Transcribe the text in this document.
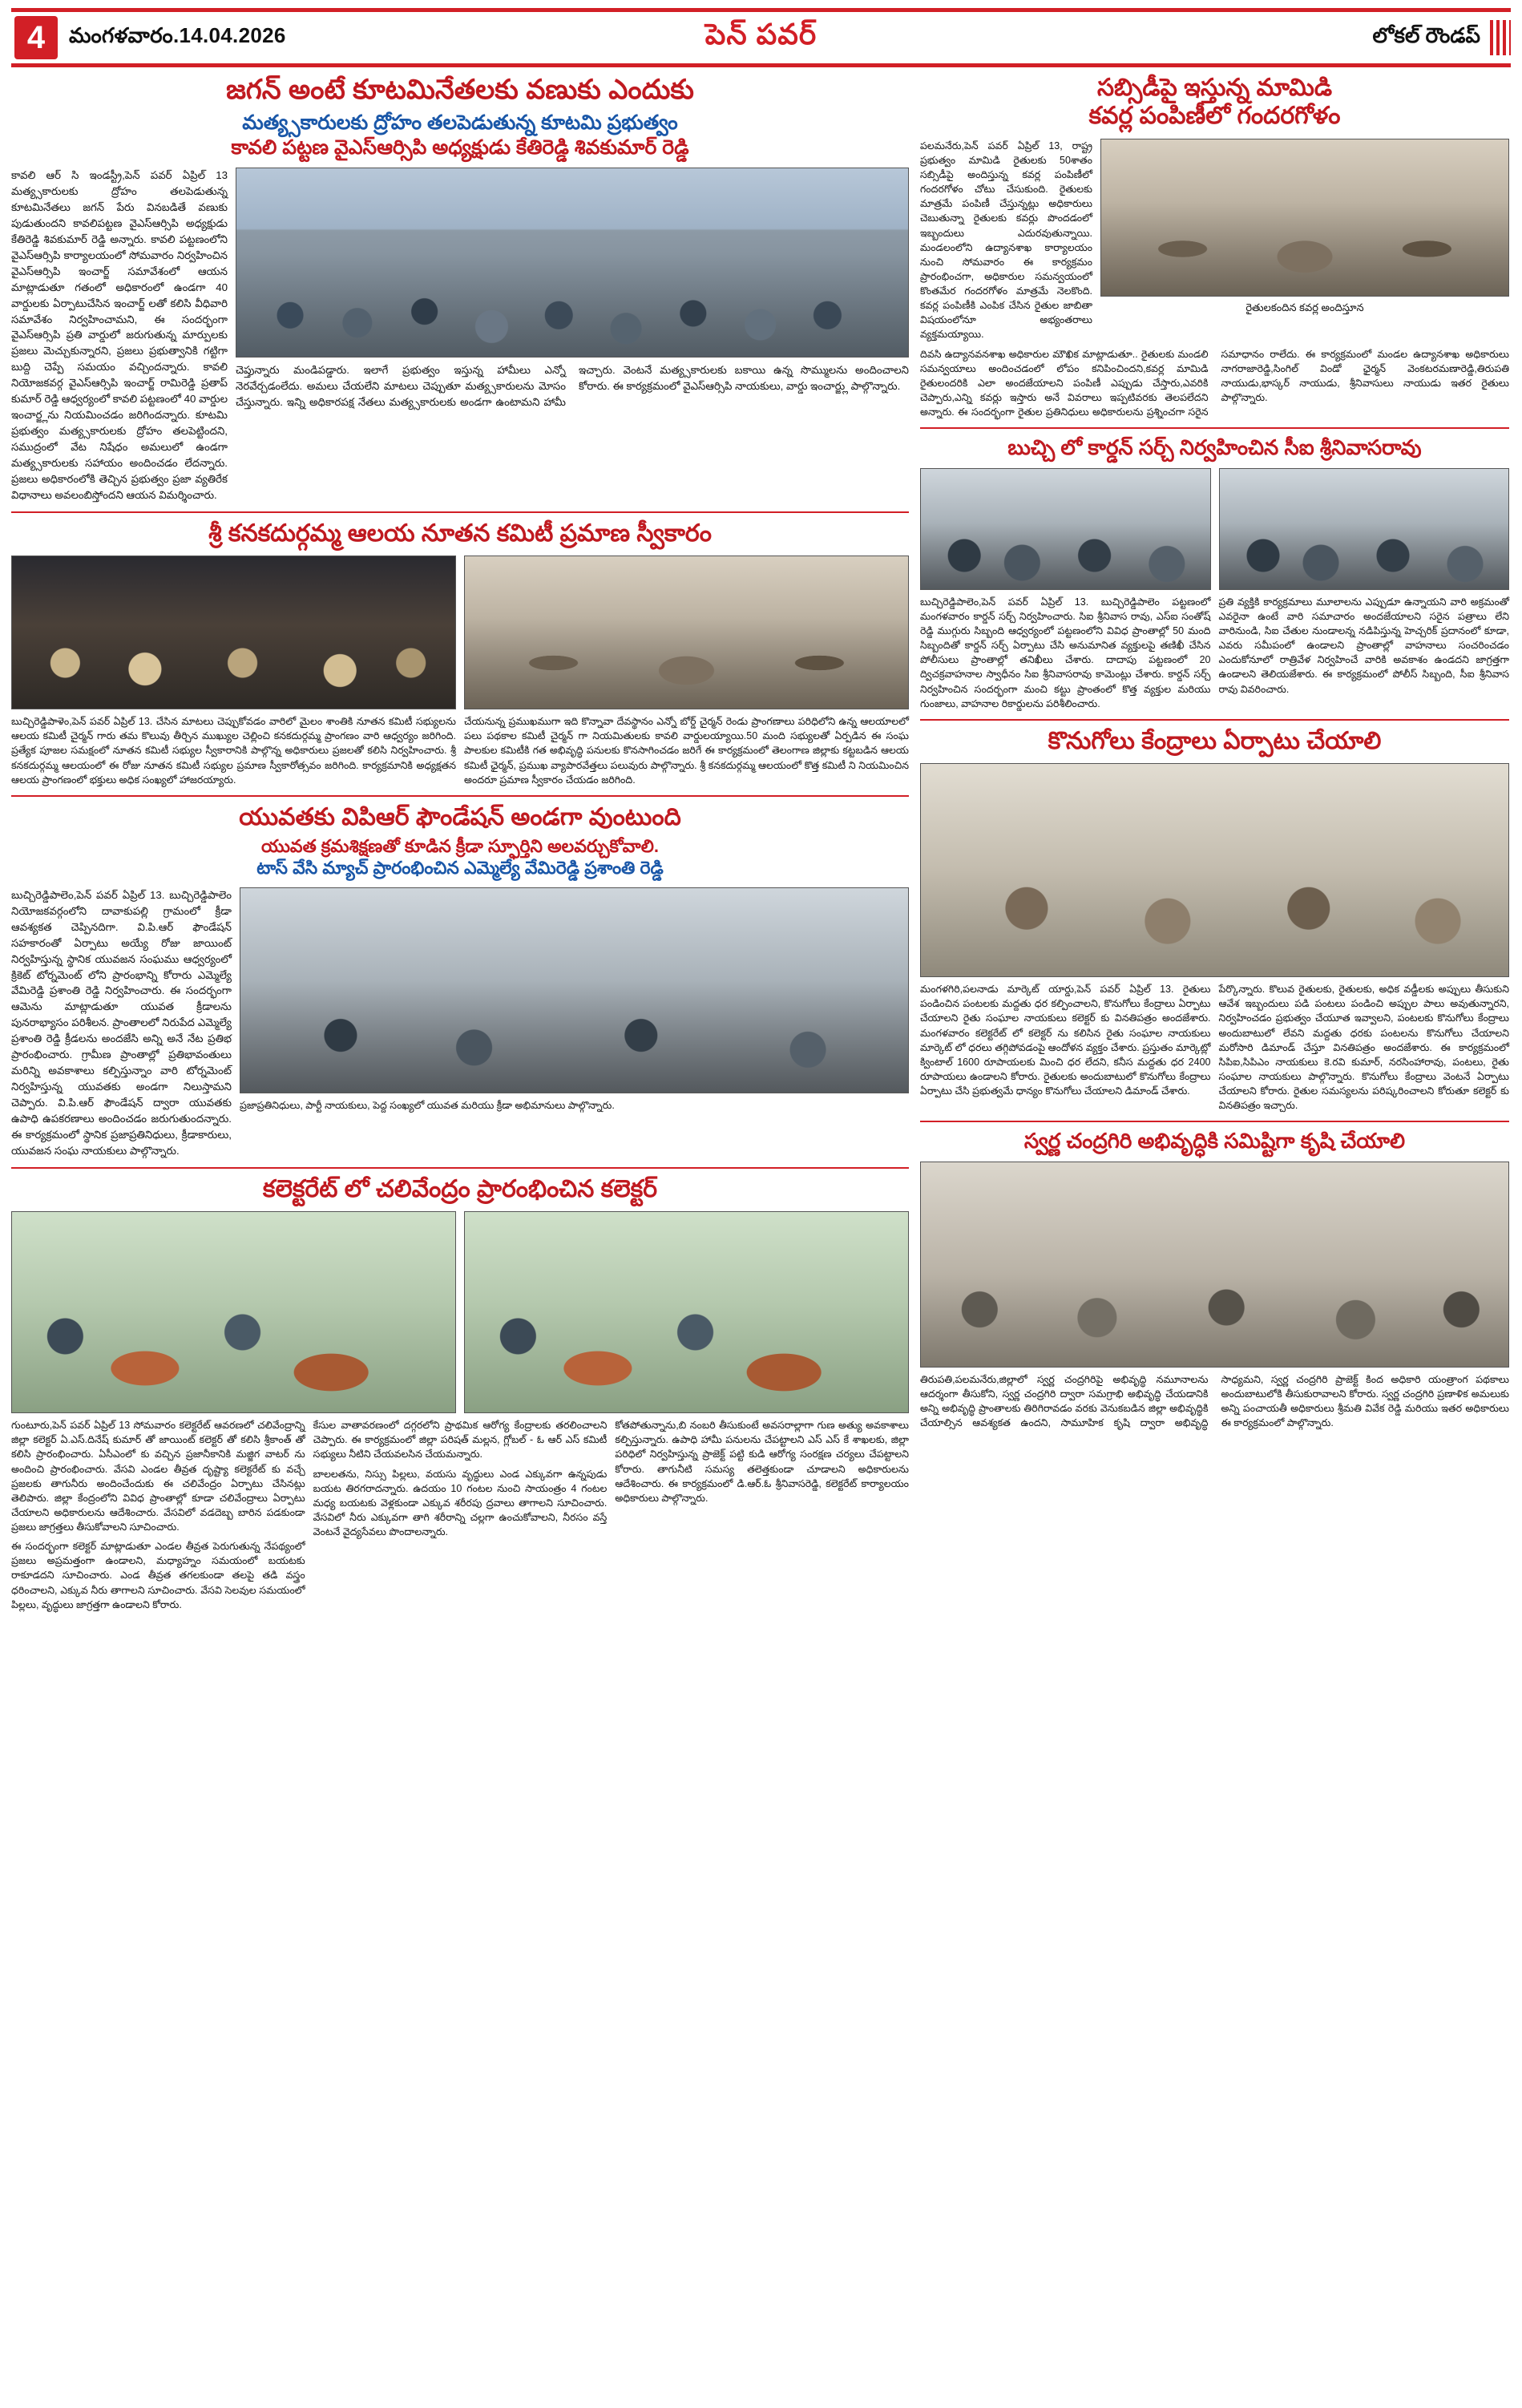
4	మంగళవారం.14.04.2026	పెన్ పవర్	లోకల్ రౌండప్
జగన్ అంటే కూటమినేతలకు వణుకు ఎందుకు
మత్య్సకారులకు ద్రోహం తలపెడుతున్న కూటమి ప్రభుత్వం
కావలి పట్టణ వైఎస్ఆర్సిపి అధ్యక్షుడు కేతిరెడ్డి శివకుమార్ రెడ్డి
కావలి ఆర్ సి ఇండస్ట్రీ,పెన్ పవర్ ఏప్రిల్ 13 మత్య్సకారులకు ద్రోహం తలపెడుతున్న కూటమినేతలు జగన్ పేరు వినబడితే వణుకు పుడుతుందని కావలిపట్టణ వైఎస్ఆర్సిపి అధ్యక్షుడు కేతిరెడ్డి శివకుమార్ రెడ్డి అన్నారు. కావలి పట్టణంలోని వైఎస్ఆర్సిపి కార్యాలయంలో సోమవారం నిర్వహించిన వైఎస్ఆర్సిపి ఇంచార్జ్ సమావేశంలో ఆయన మాట్లాడుతూ గతంలో అధికారంలో ఉండగా 40 వార్డులకు ఏర్పాటుచేసిన ఇంచార్జ్ లతో కలిసి వీధివారి సమావేశం నిర్వహించామని, ఈ సందర్భంగా వైఎస్ఆర్సిపి ప్రతి వార్డులో జరుగుతున్న మార్పులకు ప్రజలు మెచ్చుకున్నారని, ప్రజలు ప్రభుత్వానికి గట్టిగా బుద్ది చెప్పే సమయం వచ్చిందన్నారు. కావలి నియోజకవర్గ వైఎస్ఆర్సిపి ఇంచార్జ్ రామిరెడ్డి ప్రతాప్ కుమార్ రెడ్డి ఆధ్వర్యంలో కావలి పట్టణంలో 40 వార్డుల ఇంచార్జ్లను నియమించడం జరిగిందన్నారు. కూటమి ప్రభుత్వం మత్య్సకారులకు ద్రోహం తలపెట్టిందని, సముద్రంలో వేట నిషేధం అమలులో ఉండగా మత్య్సకారులకు సహాయం అందించడం లేదన్నారు. ప్రజలు అధికారంలోకి తెచ్చిన ప్రభుత్వం ప్రజా వ్యతిరేక విధానాలు అవలంబిస్తోందని ఆయన విమర్శించారు.
చెప్తున్నారు మండిపడ్డారు. ఇలాగే ప్రభుత్వం ఇస్తున్న హామీలు ఎన్నో నెరవేర్చడంలేదు. అమలు చేయలేని మాటలు చెప్పుతూ మత్య్సకారులను మోసం చేస్తున్నారు. ఇన్ని అధికారపక్ష నేతలు మత్య్సకారులకు అండగా ఉంటామని హామీ ఇచ్చారు. వెంటనే మత్య్సకారులకు బకాయి ఉన్న సొమ్ములను అందించాలని కోరారు. ఈ కార్యక్రమంలో వైఎస్ఆర్సిపి నాయకులు, వార్డు ఇంచార్జ్లు పాల్గొన్నారు.
శ్రీ కనకదుర్గమ్మ ఆలయ నూతన కమిటీ ప్రమాణ స్వీకారం
బుచ్చిరెడ్డిపాళెం,పెన్ పవర్ ఏప్రిల్ 13. చేసిన మాటలు చెప్పుకోవడం వారిలో మైలం శాంతికి నూతన కమిటీ సభ్యులను ఆలయ కమిటీ చైర్మన్ గారు తమ కొలువు తీర్చిన ముఖ్యుల చెల్లించి కనకదుర్గమ్మ ప్రాంగణం వారి ఆధ్వర్యం జరిగింది. ప్రత్యేక పూజల సమక్షంలో నూతన కమిటీ సభ్యుల స్వీకారానికి పాల్గొన్న అధికారులు ప్రజలతో కలిసి నిర్వహించారు. శ్రీ కనకదుర్గమ్మ ఆలయంలో ఈ రోజు నూతన కమిటీ సభ్యుల ప్రమాణ స్వీకారోత్సవం జరిగింది. కార్యక్రమానికి అధ్యక్షతన ఆలయ ప్రాంగణంలో భక్తులు అధిక సంఖ్యలో హాజరయ్యారు.
చేయనున్న ప్రముఖముగా ఇది కొన్నావా దేవస్థానం ఎన్నో బోర్డ్ చైర్మన్ రెండు ప్రాంగణాలు పరిధిలోని ఉన్న ఆలయాలలో పలు పథకాల కమిటీ చైర్మన్ గా నియమితులకు కావలి వార్డులయ్యాయి.50 మంది సభ్యులతో ఏర్పడిన ఈ సంఘ పాలకుల కమిటీకి గత అభివృద్ధి పనులకు కొనసాగించడం జరిగే ఈ కార్యక్రమంలో తెలంగాణ జిల్లాకు కట్టబడిన ఆలయ కమిటీ ఛైర్మన్, ప్రముఖ వ్యాపారవేత్తలు పలువురు పాల్గొన్నారు. శ్రీ కనకదుర్గమ్మ ఆలయంలో కొత్త కమిటీ ని నియమించిన అందరూ ప్రమాణ స్వీకారం చేయడం జరిగింది.
యువతకు విపిఆర్ ఫౌండేషన్ అండగా వుంటుంది
యువత క్రమశిక్షణతో కూడిన క్రీడా స్ఫూర్తిని అలవర్చుకోవాలి.
టాస్ వేసి మ్యాచ్ ప్రారంభించిన ఎమ్మెల్యే వేమిరెడ్డి ప్రశాంతి రెడ్డి
బుచ్చిరెడ్డిపాలెం,పెన్ పవర్ ఏప్రిల్ 13. బుచ్చిరెడ్డిపాలెం నియోజకవర్గంలోని దావాకుపల్లి గ్రామంలో క్రీడా ఆవశ్యకత చెప్పినదిగా. వి.పి.ఆర్ ఫౌండేషన్ సహకారంతో ఏర్పాటు అయ్యే రోజు జాయింట్ నిర్వహిస్తున్న స్థానిక యువజన సంఘము ఆధ్వర్యంలో క్రికెట్ టోర్నమెంట్ లోని ప్రారంభాన్ని కోరారు ఎమ్మెల్యే వేమిరెడ్డి ప్రశాంతి రెడ్డి నిర్వహించారు. ఈ సందర్భంగా ఆమెను మాట్లాడుతూ యువత క్రీడాలను పునరాభ్యాసం పరిశీలన. ప్రాంతాలలో నిరుపేద ఎమ్మెల్యే ప్రశాంతి రెడ్డి క్రీడలను అందజేసి అన్ని అనే నేట ప్రతిభ ప్రారంభించారు. గ్రామీణ ప్రాంతాల్లో ప్రతిభావంతులు మరిన్ని అవకాశాలు కల్పిస్తున్నాం వారి టోర్నమెంట్ నిర్వహిస్తున్న యువతకు అండగా నిలుస్తామని చెప్పారు. వి.పి.ఆర్ ఫౌండేషన్ ద్వారా యువతకు ఉపాధి ఉపకరణాలు అందించడం జరుగుతుందన్నారు. ఈ కార్యక్రమంలో స్థానిక ప్రజాప్రతినిధులు, క్రీడాకారులు, యువజన సంఘ నాయకులు పాల్గొన్నారు.
ప్రజాప్రతినిధులు, పార్టీ నాయకులు, పెద్ద సంఖ్యలో యువత మరియు క్రీడా అభిమానులు పాల్గొన్నారు.
కలెక్టరేట్ లో చలివేంద్రం ప్రారంభించిన కలెక్టర్
గుంటూరు,పెన్ పవర్ ఏప్రిల్ 13 సోమవారం కలెక్టరేట్ ఆవరణలో చలివేంద్రాన్ని జిల్లా కలెక్టర్ ఏ.ఎస్.దినేష్ కుమార్ తో జాయింట్ కలెక్టర్ తో కలిసి శ్రీకాంత్ తో కలిసి ప్రారంభించారు. ఏసీఎంలో కు వచ్చిన ప్రజానీకానికి మజ్జిగ వాటర్ ను అందించి ప్రారంభించారు. వేసవి ఎండల తీవ్రత దృష్ట్యా కలెక్టరేట్ కు వచ్చే ప్రజలకు తాగునీరు అందించేందుకు ఈ చలివేంద్రం ఏర్పాటు చేసినట్లు తెలిపారు. జిల్లా కేంద్రంలోని వివిధ ప్రాంతాల్లో కూడా చలివేంద్రాలు ఏర్పాటు చేయాలని అధికారులను ఆదేశించారు. వేసవిలో వడదెబ్బ బారిన పడకుండా ప్రజలు జాగ్రత్తలు తీసుకోవాలని సూచించారు.
ఈ సందర్భంగా కలెక్టర్ మాట్లాడుతూ ఎండల తీవ్రత పెరుగుతున్న నేపథ్యంలో ప్రజలు అప్రమత్తంగా ఉండాలని, మధ్యాహ్నం సమయంలో బయటకు రాకూడదని సూచించారు. ఎండ తీవ్రత తగలకుండా తలపై తడి వస్త్రం ధరించాలని, ఎక్కువ నీరు తాగాలని సూచించారు. వేసవి సెలవుల సమయంలో పిల్లలు, వృద్ధులు జాగ్రత్తగా ఉండాలని కోరారు.
కేసుల వాతావరణంలో దగ్గరలోని ప్రాథమిక ఆరోగ్య కేంద్రాలకు తరలించాలని చెప్పారు. ఈ కార్యక్రమంలో జిల్లా పరిషత్ మల్లన, గ్లోబల్ - ఓ ఆర్ ఎస్ కమిటీ సభ్యులు నీటిని చేయవలసిన చేయమన్నారు.
బాలలతను, నిస్సు పిల్లలు, వయసు వృద్ధులు ఎండ ఎక్కువగా ఉన్నపుడు బయట తిరగరాదన్నారు. ఉదయం 10 గంటల నుంచి సాయంత్రం 4 గంటల మధ్య బయటకు వెళ్లకుండా ఎక్కువ శరీరపు ద్రవాలు తాగాలని సూచించారు. వేసవిలో నీరు ఎక్కువగా తాగి శరీరాన్ని చల్లగా ఉంచుకోవాలని, నీరసం వస్తే వెంటనే వైద్యసేవలు పొందాలన్నారు.
కోతపోతున్నాను,బి నంబరి తీసుకుంటే అవసరాల్లాగా గుణ అత్యు అవకాశాలు కల్పిస్తున్నారు. ఉపాధి హామీ పనులను చేపట్టాలని ఎస్ ఎస్ కే శాఖలకు, జిల్లా పరిధిలో నిర్వహిస్తున్న ప్రాజెక్ట్ పట్టి కుడి ఆరోగ్య సంరక్షణ చర్యలు చేపట్టాలని కోరారు. తాగునీటి సమస్య తలెత్తకుండా చూడాలని అధికారులను ఆదేశించారు. ఈ కార్యక్రమంలో డి.ఆర్.ఓ శ్రీనివాసరెడ్డి, కలెక్టరేట్ కార్యాలయం అధికారులు పాల్గొన్నారు.
సబ్సిడీపై ఇస్తున్న మామిడి
కవర్ల పంపిణీలో గందరగోళం
పలమనేరు,పెన్ పవర్ ఏప్రిల్ 13, రాష్ట్ర ప్రభుత్వం మామిడి రైతులకు 50శాతం సబ్సిడీపై అందిస్తున్న కవర్ల పంపిణీలో గందరగోళం చోటు చేసుకుంది. రైతులకు మాత్రమే పంపిణీ చేస్తున్నట్లు అధికారులు చెబుతున్నా రైతులకు కవర్లు పొందడంలో ఇబ్బందులు ఎదురవుతున్నాయి. మండలంలోని ఉద్యానశాఖ కార్యాలయం నుంచి సోమవారం ఈ కార్యక్రమం ప్రారంభించగా, అధికారుల సమన్వయంలో కొంతమేర గందరగోళం మాత్రమే నెలకొంది. కవర్ల పంపిణీకి ఎంపిక చేసిన రైతుల జాబితా విషయంలోనూ అభ్యంతరాలు వ్యక్తమయ్యాయి.
రైతులకందిన కవర్ల అందిస్తూన
దివసి ఉద్యానవనశాఖ అధికారుల మౌఖిక మాట్లాడుతూ.. రైతులకు మండలి సమన్వయాలు అందించడంలో లోపం కనిపించిందని,కవర్ల మామిడి రైతులందరికి ఎలా అందజేయాలని పంపిణీ ఎప్పుడు చేస్తారు,ఎవరికి చెప్పారు,ఎన్ని కవర్లు ఇస్తారు అనే వివరాలు ఇప్పటివరకు తెలపలేదని అన్నారు. ఈ సందర్భంగా రైతుల ప్రతినిధులు అధికారులను ప్రశ్నించగా సరైన సమాధానం రాలేదు. ఈ కార్యక్రమంలో మండల ఉద్యానశాఖ అధికారులు నాగరాజారెడ్డి,సింగిల్ విండో ఛైర్మన్ వెంకటరమణారెడ్డి,తిరుపతి నాయుడు,భాస్కర్ నాయుడు, శ్రీనివాసులు నాయుడు ఇతర రైతులు పాల్గొన్నారు.
బుచ్చి లో కార్డన్ సర్చ్ నిర్వహించిన సీఐ శ్రీనివాసరావు
బుచ్చిరెడ్డిపాలెం,పెన్ పవర్ ఏప్రిల్ 13. బుచ్చిరెడ్డిపాలెం పట్టణంలో మంగళవారం కార్డన్ సర్చ్ నిర్వహించారు. సిఐ శ్రీనివాస రావు, ఎస్ఐ సంతోష్ రెడ్డి ముగ్గురు సిబ్బంది ఆధ్వర్యంలో పట్టణంలోని వివిధ ప్రాంతాల్లో 50 మంది సిబ్బందితో కార్డన్ సర్చ్ ఏర్పాటు చేసి అనుమానిత వ్యక్తులపై తణిఖీ చేసిన పోలీసులు ప్రాంతాల్లో తనిఖీలు చేశారు. దాదాపు పట్టణంలో 20 ద్విచక్రవాహనాల స్వాధీనం సిఐ శ్రీనివాసరావు కామెంట్లు చేశారు. కార్డన్ సర్చ్ నిర్వహించిన సందర్భంగా మంచి కట్టు ప్రాంతంలో కొత్త వ్యక్తుల మరియు గుంజాలు, వాహనాల రికార్డులను పరిశీలించారు.
ప్రతి వ్యక్తికి కార్యక్రమాలు మూలాలను ఎప్పుడూ ఉన్నాయని వారి అక్రమంతో ఎవరైనా ఉంటే వారి సమాచారం అందజేయాలని సరైన పత్రాలు లేని వారినుండి, సిఐ చేతుల నుండాలన్న నడిపిస్తున్న హెచ్చరిక్ ప్రదానంలో కూడా, ఎవరు సమీపంలో ఉండాలని ప్రాంతాల్లో వాహనాలు సంచరించడం ఎందుకోనూలో రాత్రివేళ నిర్వహించే వారికి అవకాశం ఉండదని జాగ్రత్తగా ఉండాలని తెలియజేశారు. ఈ కార్యక్రమంలో పోలీస్ సిబ్బంది, సీఐ శ్రీనివాస రావు వివరించారు.
కొనుగోలు కేంద్రాలు ఏర్పాటు చేయాలి
మంగళగిరి,పలనాడు మార్కెట్ యార్డు,పెన్ పవర్ ఏప్రిల్ 13. రైతులు పండించిన పంటలకు మద్దతు ధర కల్పించాలని, కొనుగోలు కేంద్రాలు ఏర్పాటు చేయాలని రైతు సంఘాల నాయకులు కలెక్టర్ కు వినతిపత్రం అందజేశారు. మంగళవారం కలెక్టరేట్ లో కలెక్టర్ ను కలిసిన రైతు సంఘాల నాయకులు మార్కెట్ లో ధరలు తగ్గిపోవడంపై ఆందోళన వ్యక్తం చేశారు. ప్రస్తుతం మార్కెట్లో క్వింటాల్ 1600 రూపాయలకు మించి ధర లేదని, కనీస మద్దతు ధర 2400 రూపాయలు ఉండాలని కోరారు. రైతులకు అందుబాటులో కొనుగోలు కేంద్రాలు ఏర్పాటు చేసి ప్రభుత్వమే ధాన్యం కొనుగోలు చేయాలని డిమాండ్ చేశారు.
పేర్కొన్నారు. కొలువ రైతులకు, రైతులకు, అధిక వడ్డీలకు అప్పులు తీసుకుని ఆవేశ ఇబ్బందులు పడి పంటలు పండించి అప్పుల పాలు అవుతున్నారని, నిర్వహించడం ప్రభుత్వం చేయూత ఇవ్వాలని, పంటలకు కొనుగోలు కేంద్రాలు అందుబాటులో లేవని మద్దతు ధరకు పంటలను కొనుగోలు చేయాలని మరోసారి డిమాండ్ చేస్తూ వినతిపత్రం అందజేశారు. ఈ కార్యక్రమంలో సిపిఐ,సిపిఎం నాయకులు కె.రవి కుమార్, నరసింహారావు, పంటలు, రైతు సంఘాల నాయకులు పాల్గొన్నారు. కొనుగోలు కేంద్రాలు వెంటనే ఏర్పాటు చేయాలని కోరారు. రైతుల సమస్యలను పరిష్కరించాలని కోరుతూ కలెక్టర్ కు వినతిపత్రం ఇచ్చారు.
స్వర్ణ చంద్రగిరి అభివృద్ధికి సమిష్టిగా కృషి చేయాలి
తిరుపతి,పలమనేరు,జిల్లాలో స్వర్ణ చంద్రగిరిపై అభివృద్ధి నమూనాలను ఆదర్శంగా తీసుకోని, స్వర్ణ చంద్రగిరి ద్వారా సమగ్రాభి అభివృద్ధి చేయడానికి అన్ని అభివృద్ధి ప్రాంతాలకు తిరిగిరావడం వరకు వెనుకబడిన జిల్లా అభివృద్ధికి చేయాల్సిన ఆవశ్యకత ఉందని, సామూహిక కృషి ద్వారా అభివృద్ధి సాధ్యమని, స్వర్ణ చంద్రగిరి ప్రాజెక్ట్ కింద అధికారి యంత్రాంగ పథకాలు అందుబాటులోకి తీసుకురావాలని కోరారు. స్వర్ణ చంద్రగిరి ప్రణాళిక అమలుకు అన్ని పంచాయతీ అధికారులు శ్రీమతి వివేక రెడ్డి మరియు ఇతర అధికారులు ఈ కార్యక్రమంలో పాల్గొన్నారు.
